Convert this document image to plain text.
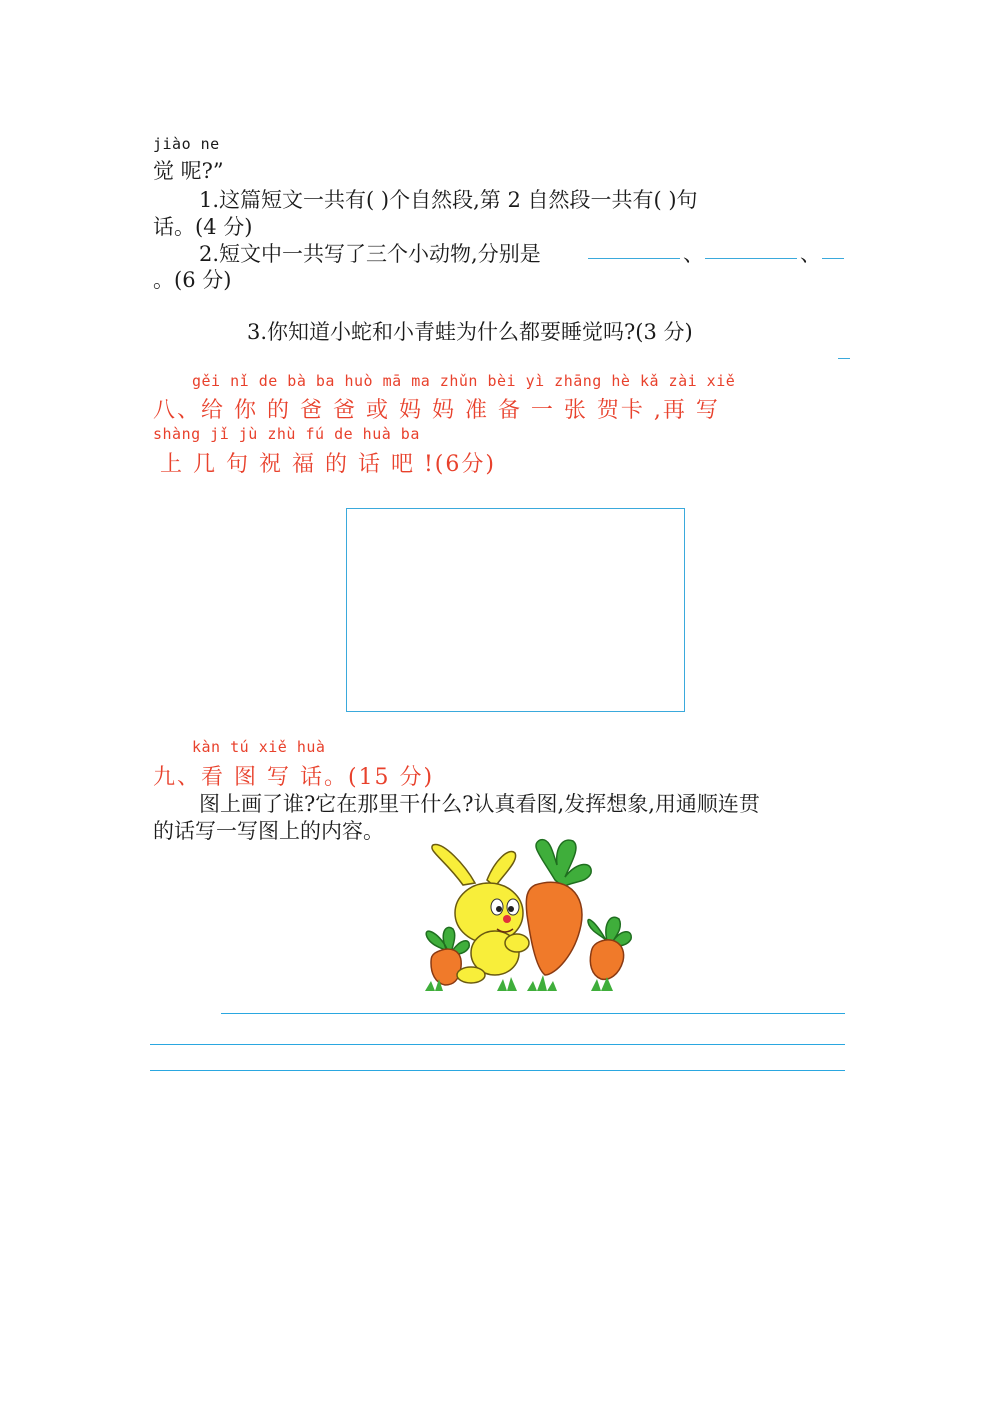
jiào ne
觉 呢?”
1.这篇短文一共有( )个自然段,第 2 自然段一共有( )句
话。(4 分)
2.短文中一共写了三个小动物,分别是	、	、
。(6 分)
3.你知道小蛇和小青蛙为什么都要睡觉吗?(3 分)
gěi nǐ de bà ba huò mā ma zhǔn bèi yì zhāng hè kǎ zài xiě
八、给 你 的 爸 爸 或 妈 妈 准 备 一 张 贺卡 ,再 写
shàng jǐ jù zhù fú de huà ba
上 几 句 祝 福 的 话 吧 !(6分)
kàn tú xiě huà
九、看 图 写 话。(15 分)
图上画了谁?它在那里干什么?认真看图,发挥想象,用通顺连贯
的话写一写图上的内容。
